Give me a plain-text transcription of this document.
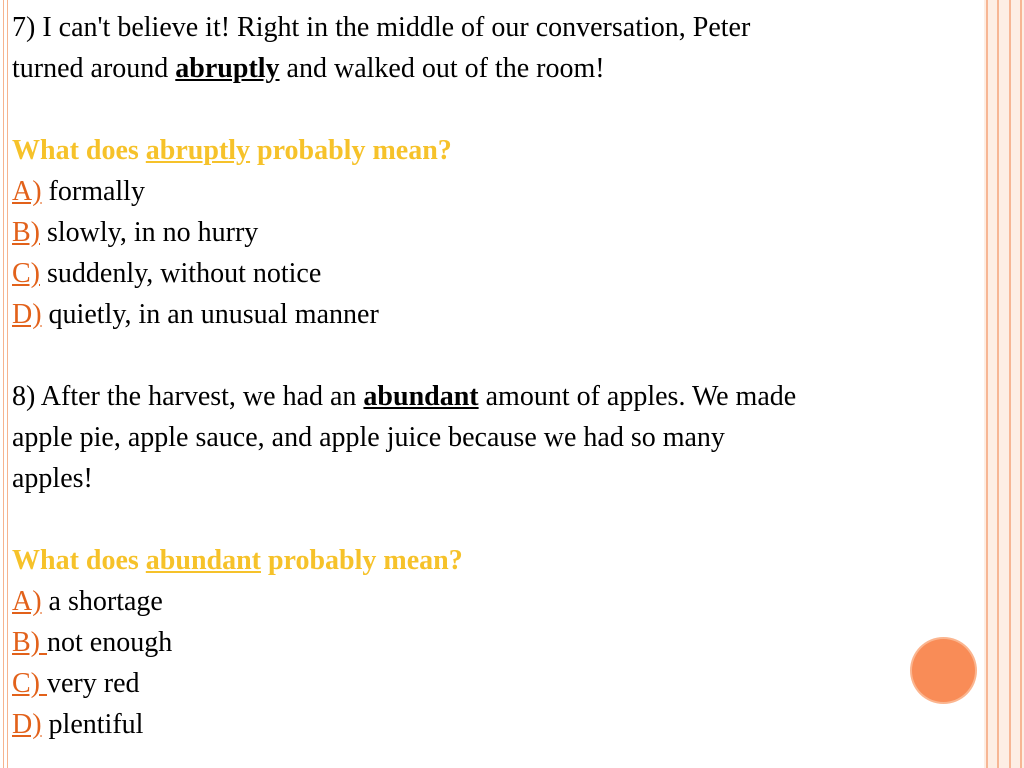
7) I can't believe it! Right in the middle of our conversation, Peter
turned around abruptly and walked out of the room!
What does abruptly probably mean?
A) formally
B) slowly, in no hurry
C) suddenly, without notice
D) quietly, in an unusual manner
8) After the harvest, we had an abundant amount of apples. We made
apple pie, apple sauce, and apple juice because we had so many
apples!
What does abundant probably mean?
A) a shortage
B) not enough
C) very red
D) plentiful
